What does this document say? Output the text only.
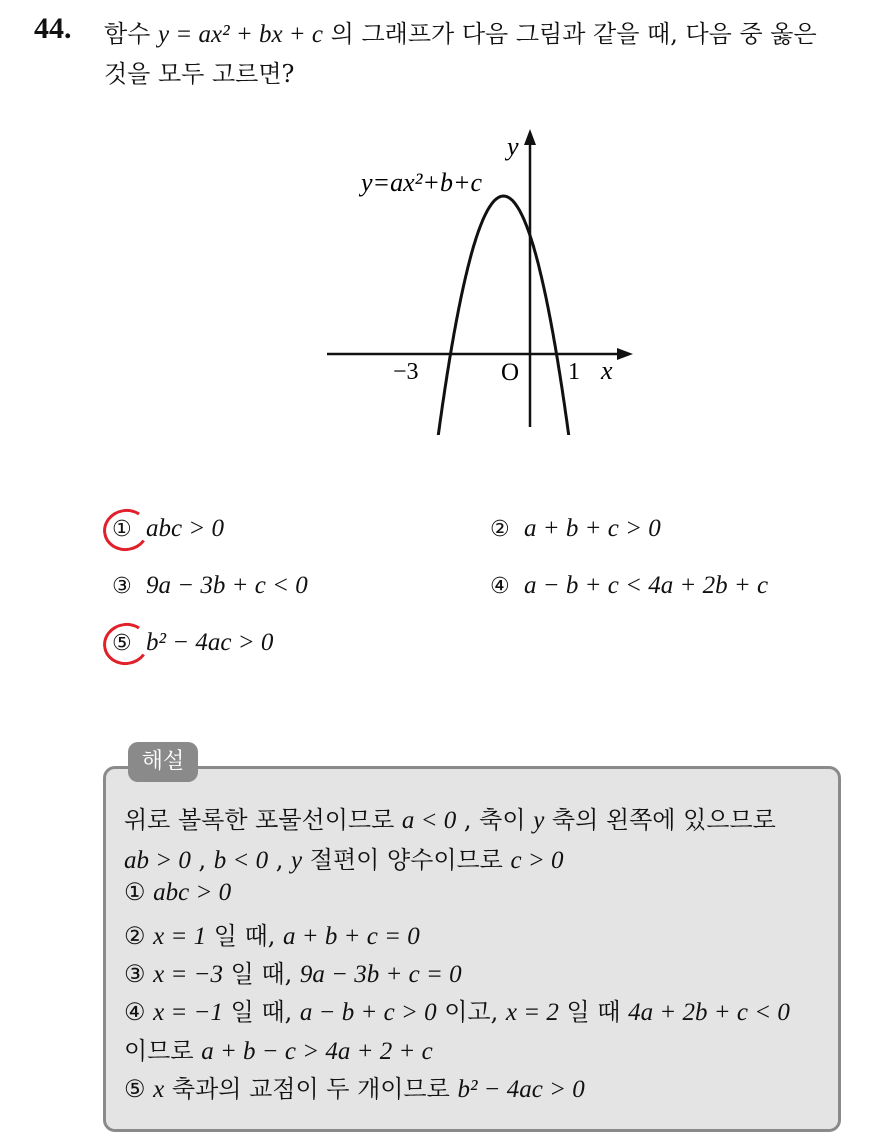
44. 함수 y = ax² + bx + c 의 그래프가 다음 그림과 같을 때, 다음 중 옳은
것을 모두 고르면?
y
y=ax²+b+c
−3	O 1 x
① abc > 0	② a + b + c > 0
③ 9a − 3b + c < 0	④ a − b + c < 4a + 2b + c
⑤ b² − 4ac > 0
해설
위로 볼록한 포물선이므로 a < 0 , 축이 y 축의 왼쪽에 있으므로
ab > 0 , b < 0 , y 절편이 양수이므로 c > 0
① abc > 0
② x = 1 일 때, a + b + c = 0
③ x = −3 일 때, 9a − 3b + c = 0
④ x = −1 일 때, a − b + c > 0 이고, x = 2 일 때 4a + 2b + c < 0
이므로 a + b − c > 4a + 2 + c
⑤ x 축과의 교점이 두 개이므로 b² − 4ac > 0
